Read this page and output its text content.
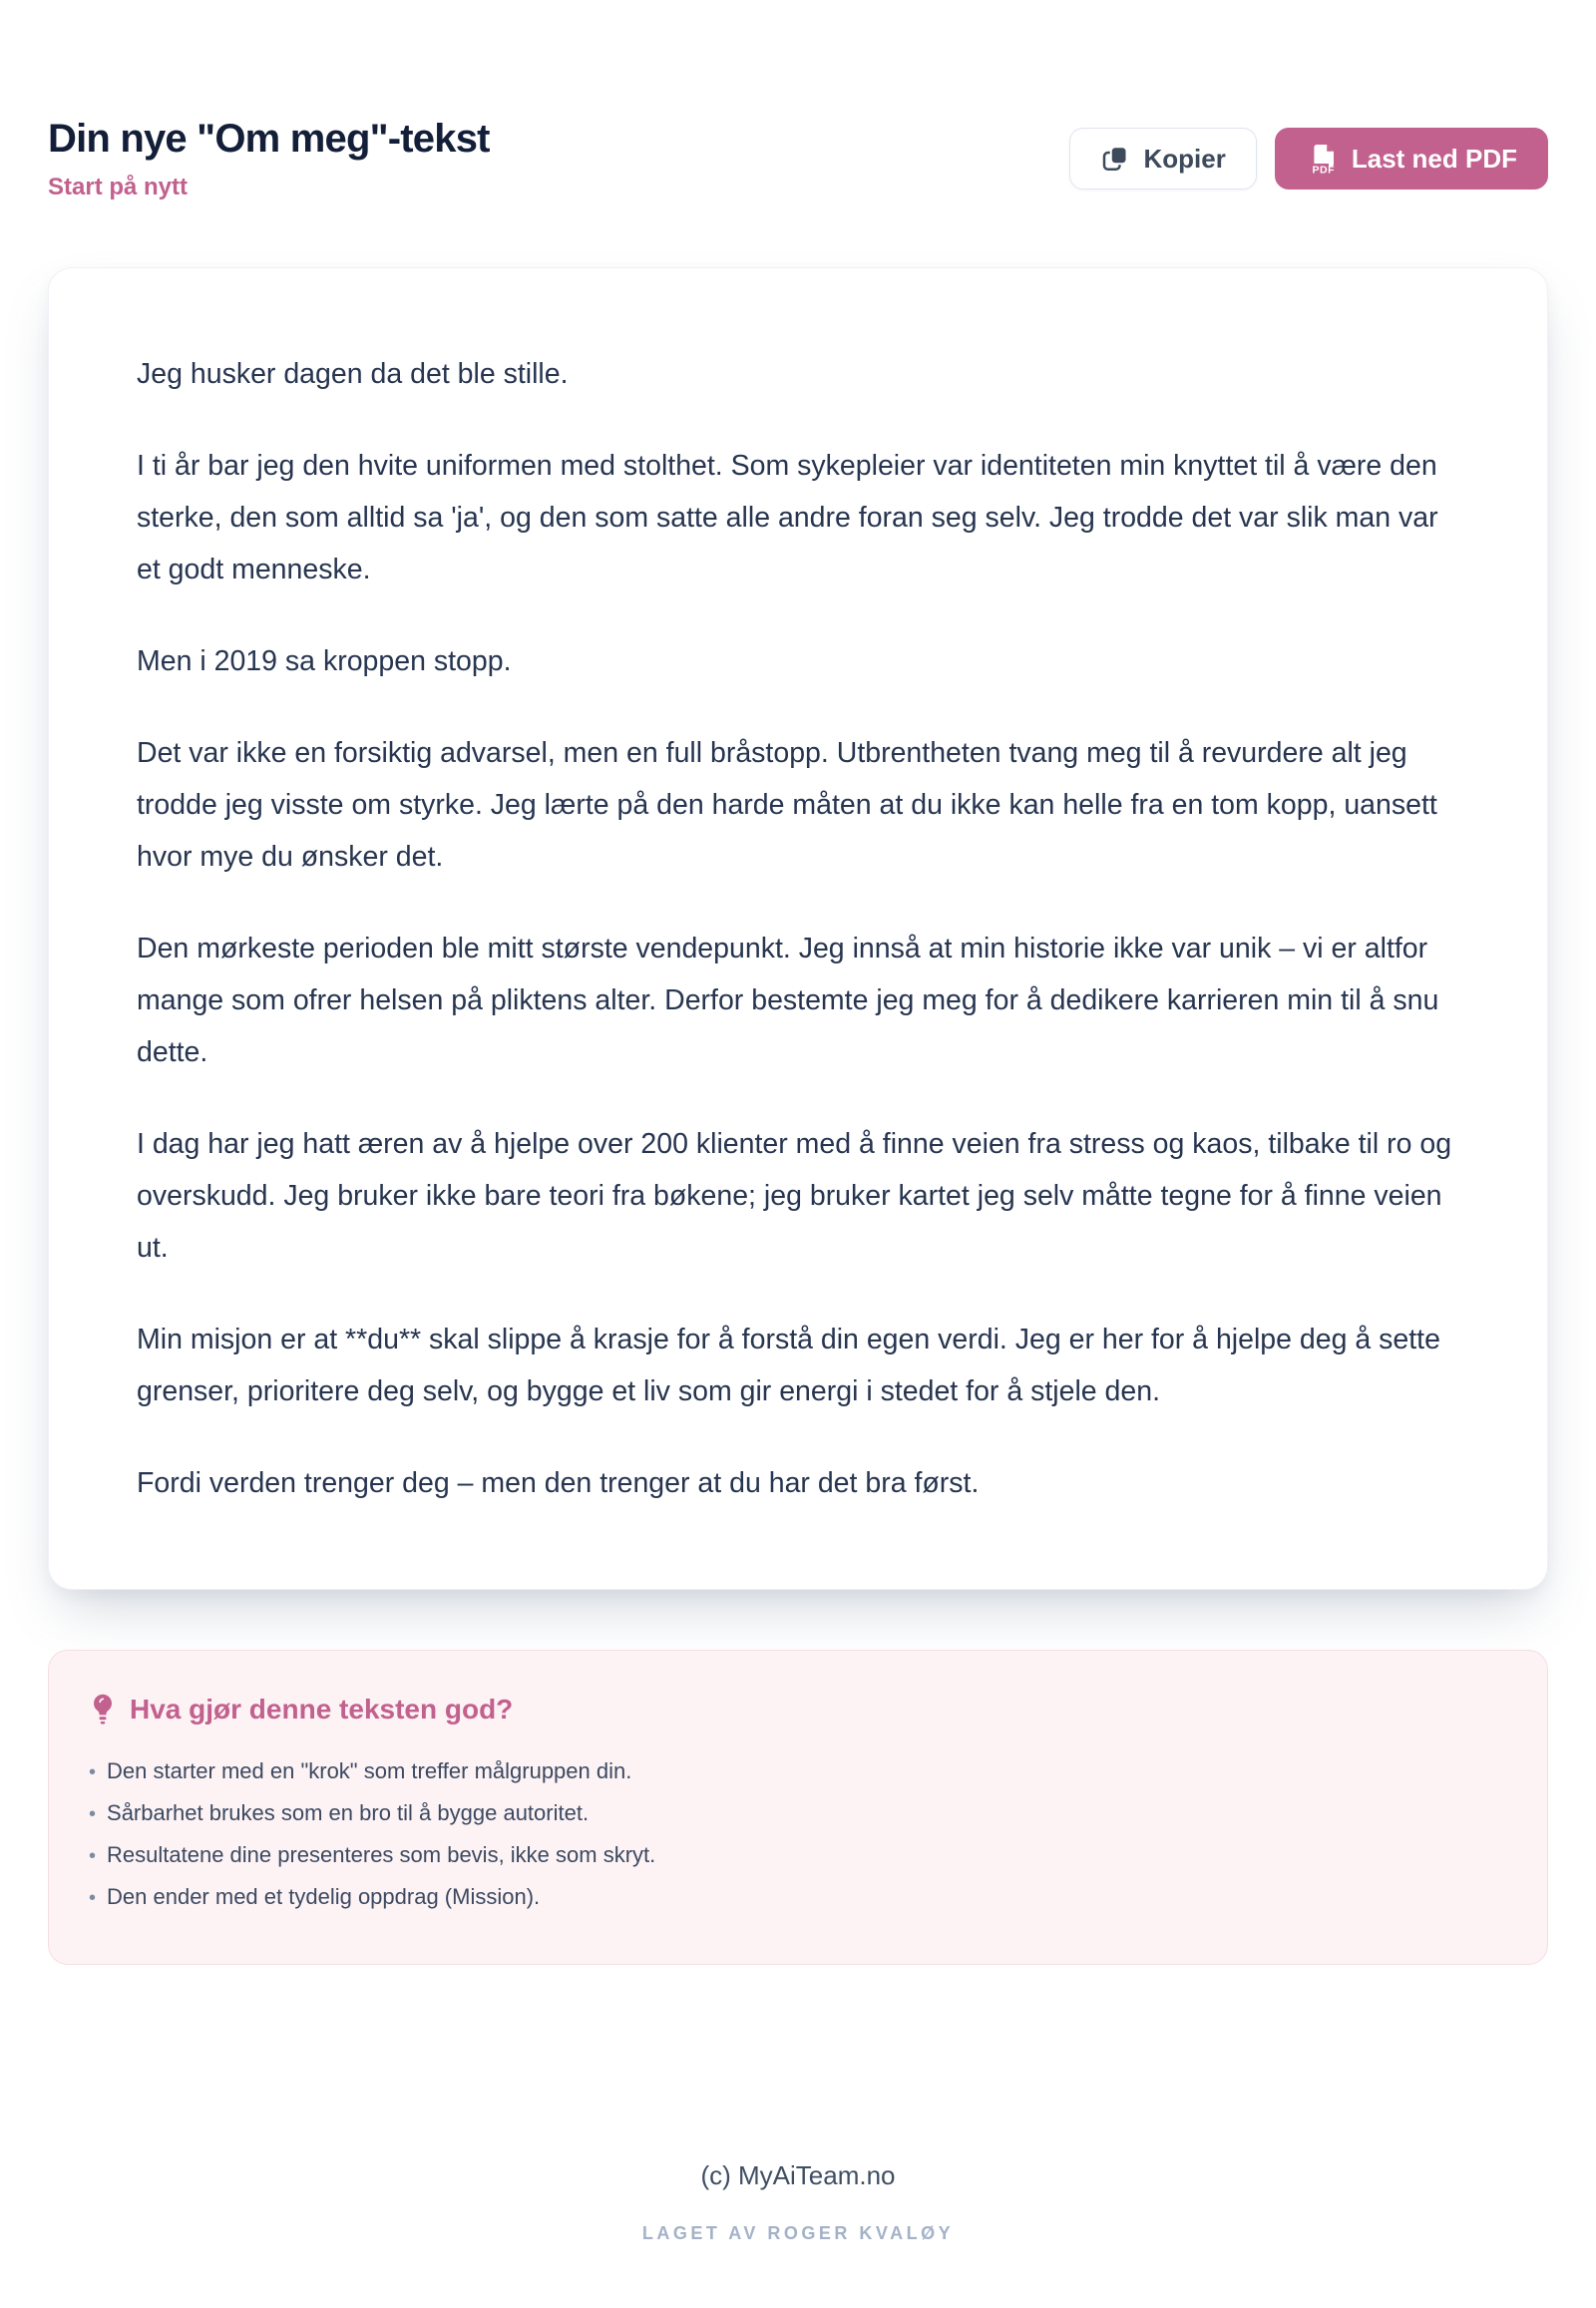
Din nye "Om meg"-tekst
Start på nytt
Kopier	PDF Last ned PDF

Jeg husker dagen da det ble stille.

I ti år bar jeg den hvite uniformen med stolthet. Som sykepleier var identiteten min knyttet til å være den sterke, den som alltid sa 'ja', og den som satte alle andre foran seg selv. Jeg trodde det var slik man var et godt menneske.

Men i 2019 sa kroppen stopp.

Det var ikke en forsiktig advarsel, men en full bråstopp. Utbrentheten tvang meg til å revurdere alt jeg trodde jeg visste om styrke. Jeg lærte på den harde måten at du ikke kan helle fra en tom kopp, uansett hvor mye du ønsker det.

Den mørkeste perioden ble mitt største vendepunkt. Jeg innså at min historie ikke var unik – vi er altfor mange som ofrer helsen på pliktens alter. Derfor bestemte jeg meg for å dedikere karrieren min til å snu dette.

I dag har jeg hatt æren av å hjelpe over 200 klienter med å finne veien fra stress og kaos, tilbake til ro og overskudd. Jeg bruker ikke bare teori fra bøkene; jeg bruker kartet jeg selv måtte tegne for å finne veien ut.

Min misjon er at **du** skal slippe å krasje for å forstå din egen verdi. Jeg er her for å hjelpe deg å sette grenser, prioritere deg selv, og bygge et liv som gir energi i stedet for å stjele den.

Fordi verden trenger deg – men den trenger at du har det bra først.

Hva gjør denne teksten god?
• Den starter med en "krok" som treffer målgruppen din.
• Sårbarhet brukes som en bro til å bygge autoritet.
• Resultatene dine presenteres som bevis, ikke som skryt.
• Den ender med et tydelig oppdrag (Mission).
(c) MyAiTeam.no
LAGET AV ROGER KVALØY
